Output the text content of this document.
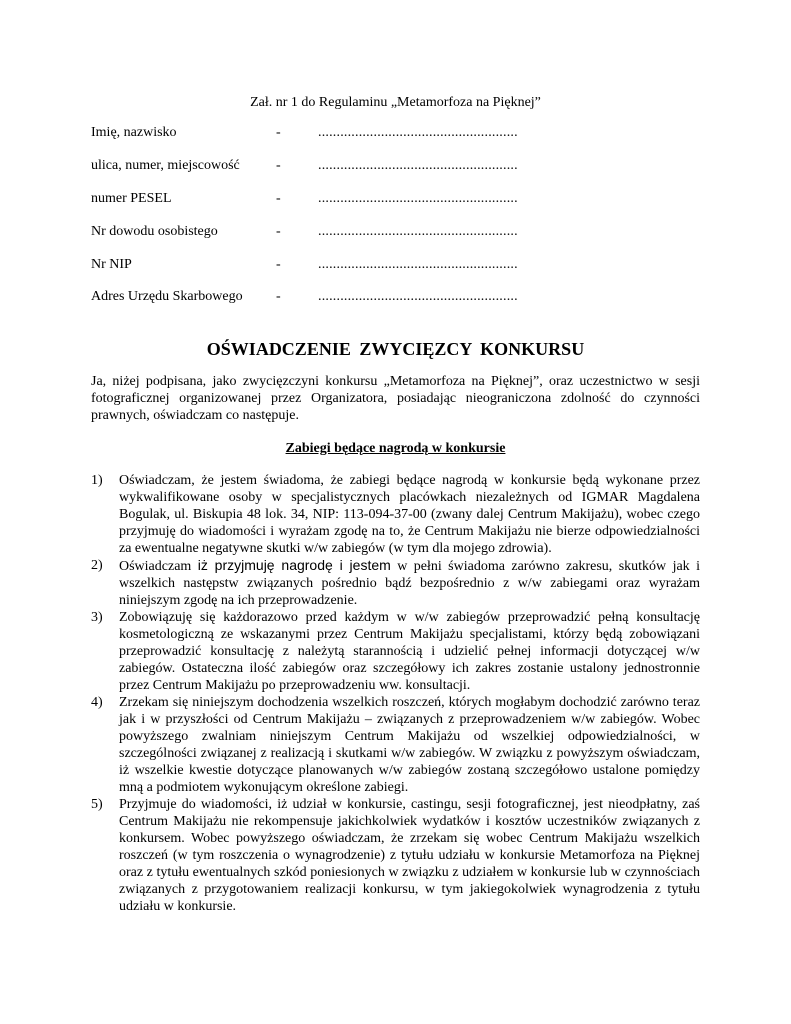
Zał. nr 1 do Regulaminu „Metamorfoza na Pięknej”
Imię, nazwisko	-	......................................................
ulica, numer, miejscowość	-	......................................................
numer PESEL	-	......................................................
Nr dowodu osobistego	-	......................................................
Nr NIP	-	......................................................
Adres Urzędu Skarbowego -	......................................................
OŚWIADCZENIE ZWYCIĘZCY KONKURSU
Ja, niżej podpisana, jako zwycięzczyni konkursu „Metamorfoza na Pięknej”, oraz uczestnictwo w sesji fotograficznej organizowanej przez Organizatora, posiadając nieograniczona zdolność do czynności prawnych, oświadczam co następuje.
Zabiegi będące nagrodą w konkursie
1) Oświadczam, że jestem świadoma, że zabiegi będące nagrodą w konkursie będą wykonane przez wykwalifikowane osoby w specjalistycznych placówkach niezależnych od IGMAR Magdalena Bogulak, ul. Biskupia 48 lok. 34, NIP: 113-094-37-00 (zwany dalej Centrum Makijażu), wobec czego przyjmuję do wiadomości i wyrażam zgodę na to, że Centrum Makijażu nie bierze odpowiedzialności za ewentualne negatywne skutki w/w zabiegów (w tym dla mojego zdrowia).
2) Oświadczam iż przyjmuję nagrodę i jestem w pełni świadoma zarówno zakresu, skutków jak i wszelkich następstw związanych pośrednio bądź bezpośrednio z w/w zabiegami oraz wyrażam niniejszym zgodę na ich przeprowadzenie.
3) Zobowiązuję się każdorazowo przed każdym w w/w zabiegów przeprowadzić pełną konsultację kosmetologiczną ze wskazanymi przez Centrum Makijażu specjalistami, którzy będą zobowiązani przeprowadzić konsultację z należytą starannością i udzielić pełnej informacji dotyczącej w/w zabiegów. Ostateczna ilość zabiegów oraz szczegółowy ich zakres zostanie ustalony jednostronnie przez Centrum Makijażu po przeprowadzeniu ww. konsultacji.
4) Zrzekam się niniejszym dochodzenia wszelkich roszczeń, których mogłabym dochodzić zarówno teraz jak i w przyszłości od Centrum Makijażu – związanych z przeprowadzeniem w/w zabiegów. Wobec powyższego zwalniam niniejszym Centrum Makijażu od wszelkiej odpowiedzialności, w szczególności związanej z realizacją i skutkami w/w zabiegów. W związku z powyższym oświadczam, iż wszelkie kwestie dotyczące planowanych w/w zabiegów zostaną szczegółowo ustalone pomiędzy mną a podmiotem wykonującym określone zabiegi.
5) Przyjmuje do wiadomości, iż udział w konkursie, castingu, sesji fotograficznej, jest nieodpłatny, zaś Centrum Makijażu nie rekompensuje jakichkolwiek wydatków i kosztów uczestników związanych z konkursem. Wobec powyższego oświadczam, że zrzekam się wobec Centrum Makijażu wszelkich roszczeń (w tym roszczenia o wynagrodzenie) z tytułu udziału w konkursie Metamorfoza na Pięknej oraz z tytułu ewentualnych szkód poniesionych w związku z udziałem w konkursie lub w czynnościach związanych z przygotowaniem realizacji konkursu, w tym jakiegokolwiek wynagrodzenia z tytułu udziału w konkursie.
